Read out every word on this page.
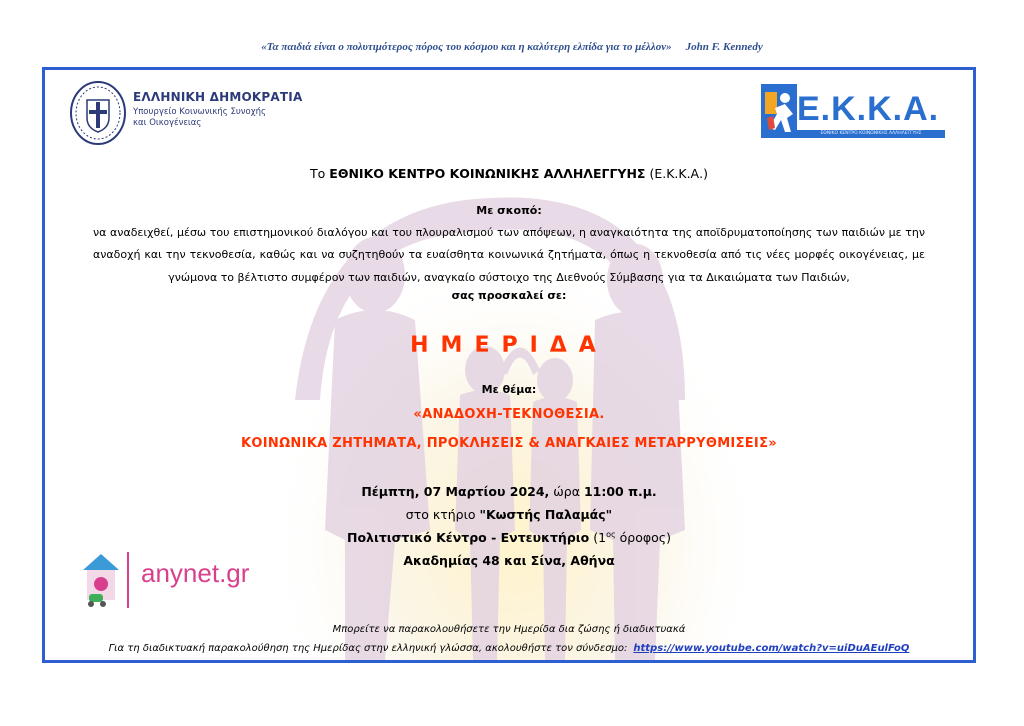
«Τα παιδιά είναι ο πολυτιμότερος πόρος του κόσμου και η καλύτερη ελπίδα για το μέλλον» John F. Kennedy
ΕΛΛΗΝΙΚΗ ΔΗΜΟΚΡΑΤΙΑ
Υπουργείο Κοινωνικής Συνοχής
και Οικογένειας	Ε.Κ.Κ.Α.
ΕΘΝΙΚΟ ΚΕΝΤΡΟ ΚΟΙΝΩΝΙΚΗΣ ΑΛΛΗΛΕΓΓΥΗΣ
Το ΕΘΝΙΚΟ ΚΕΝΤΡΟ ΚΟΙΝΩΝΙΚΗΣ ΑΛΛΗΛΕΓΓΥΗΣ (Ε.Κ.Κ.Α.)
Με σκοπό:
να αναδειχθεί, μέσω του επιστημονικού διαλόγου και του πλουραλισμού των απόψεων, η αναγκαιότητα της αποϊδρυματοποίησης των παιδιών με την αναδοχή και την τεκνοθεσία, καθώς και να συζητηθούν τα ευαίσθητα κοινωνικά ζητήματα, όπως η τεκνοθεσία από τις νέες μορφές οικογένειας, με γνώμονα το βέλτιστο συμφέρον των παιδιών, αναγκαίο σύστοιχο της Διεθνούς Σύμβασης για τα Δικαιώματα των Παιδιών,
σας προσκαλεί σε:
ΗΜΕΡΙΔΑ
Με θέμα:
«ΑΝΑΔΟΧΗ-ΤΕΚΝΟΘΕΣΙΑ.
ΚΟΙΝΩΝΙΚΑ ΖΗΤΗΜΑΤΑ, ΠΡΟΚΛΗΣΕΙΣ & ΑΝΑΓΚΑΙΕΣ ΜΕΤΑΡΡΥΘΜΙΣΕΙΣ»
Πέμπτη, 07 Μαρτίου 2024, ώρα 11:00 π.μ.
στο κτήριο "Κωστής Παλαμάς"
Πολιτιστικό Κέντρο - Εντευκτήριο ($1^{o\varsigma}$ όροφος)
Ακαδημίας 48 και Σίνα, Αθήνα
anynet.gr
Μπορείτε να παρακολουθήσετε την Ημερίδα δια ζώσης ή διαδικτυακά
Για τη διαδικτυακή παρακολούθηση της Ημερίδας στην ελληνική γλώσσα, ακολουθήστε τον σύνδεσμο: https://www.youtube.com/watch?v=uiDuAEulFoQ
